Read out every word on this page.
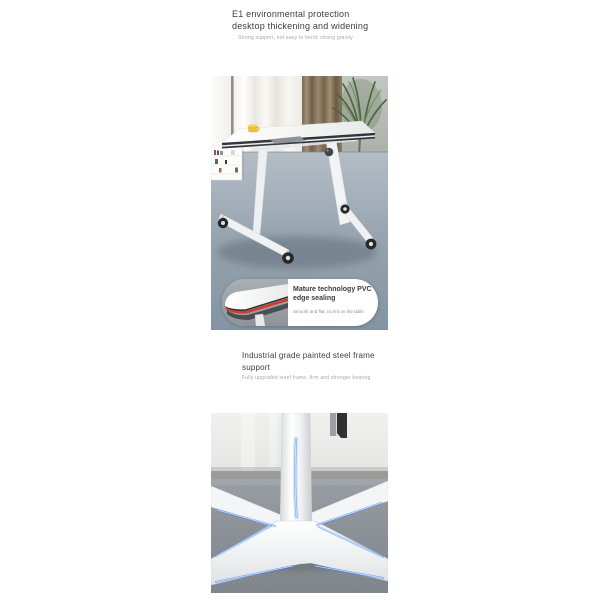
E1 environmental protection
desktop thickening and widening
Strong support, not easy to bend; strong gravity
Mature technology PVC
edge sealing
Smooth and flat, no lint on the table
Industrial grade painted steel frame
support
Fully upgraded steel frame, firm and stronger bearing
